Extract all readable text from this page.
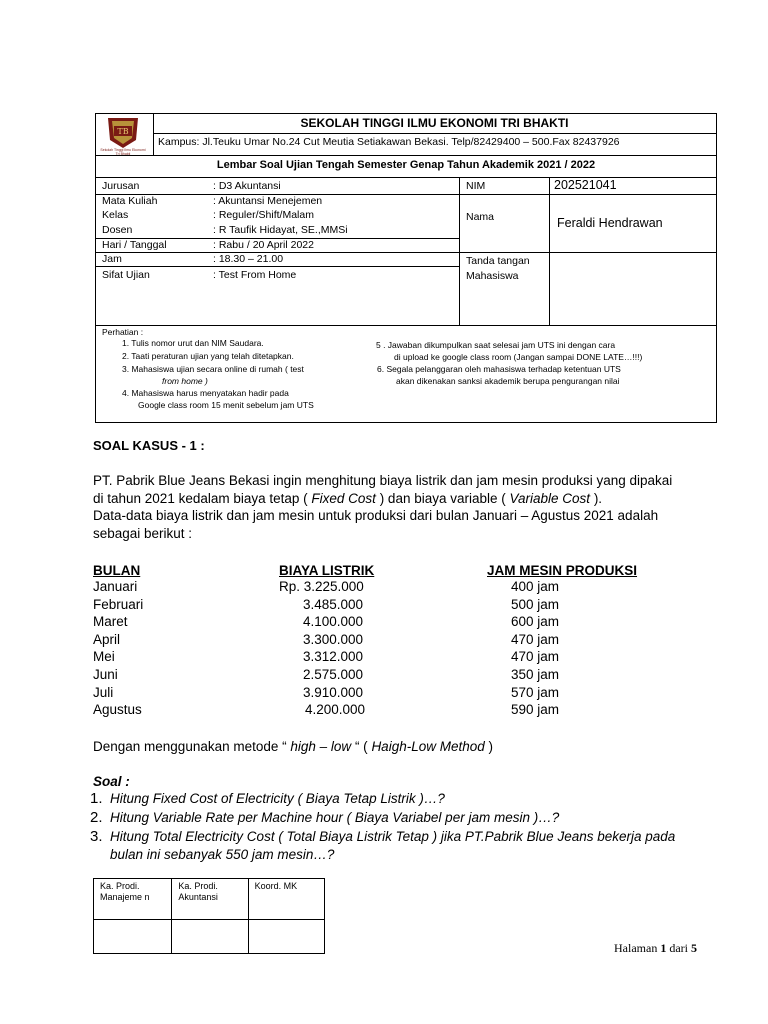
TB
Sekolah Tinggi Ilmu Ekonomi Tri Bhakti
SEKOLAH TINGGI ILMU EKONOMI TRI BHAKTI
Kampus: Jl.Teuku Umar No.24 Cut Meutia Setiakawan Bekasi. Telp/82429400 – 500.Fax 82437926
Lembar Soal Ujian Tengah Semester Genap Tahun Akademik 2021 / 2022
Jurusan	: D3 Akuntansi
Mata Kuliah	: Akuntansi Menejemen
Kelas	: Reguler/Shift/Malam
Dosen	: R Taufik Hidayat, SE.,MMSi
Hari / Tanggal	: Rabu / 20 April 2022
Jam	: 18.30 – 21.00
Sifat Ujian	: Test From Home
NIM	202521041
Nama	Feraldi Hendrawan
Tanda tangan
Mahasiswa
Perhatian :
1. Tulis nomor urut dan NIM Saudara.
2. Taati peraturan ujian yang telah ditetapkan.
3. Mahasiswa ujian secara online di rumah ( test
from home )
4. Mahasiswa harus menyatakan hadir pada
Google class room 15 menit sebelum jam UTS
5 . Jawaban dikumpulkan saat selesai jam UTS ini dengan cara
di upload ke google class room (Jangan sampai DONE LATE…!!!)
6. Segala pelanggaran oleh mahasiswa terhadap ketentuan UTS
akan dikenakan sanksi akademik berupa pengurangan nilai
SOAL KASUS - 1 :
PT. Pabrik Blue Jeans Bekasi ingin menghitung biaya listrik dan jam mesin produksi yang dipakai
di tahun 2021 kedalam biaya tetap ( Fixed Cost ) dan biaya variable ( Variable Cost ).
Data-data biaya listrik dan jam mesin untuk produksi dari bulan Januari – Agustus 2021 adalah
sebagai berikut :
BULAN	BIAYA LISTRIK	JAM MESIN PRODUKSI
Januari	Rp. 3.225.000	400 jam
Februari	3.485.000	500 jam
Maret	4.100.000	600 jam
April	3.300.000	470 jam
Mei	3.312.000	470 jam
Juni	2.575.000	350 jam
Juli	3.910.000	570 jam
Agustus	4.200.000	590 jam
Dengan menggunakan metode “ high – low “ ( Haigh-Low Method )
Soal :
1. Hitung Fixed Cost of Electricity ( Biaya Tetap Listrik )…?
2. Hitung Variable Rate per Machine hour ( Biaya Variabel per jam mesin )…?
3. Hitung Total Electricity Cost ( Total Biaya Listrik Tetap ) jika PT.Pabrik Blue Jeans bekerja pada
bulan ini sebanyak 550 jam mesin…?
Ka. Prodi. Manajeme n	Ka. Prodi. Akuntansi	Koord. MK

Halaman 1 dari 5
